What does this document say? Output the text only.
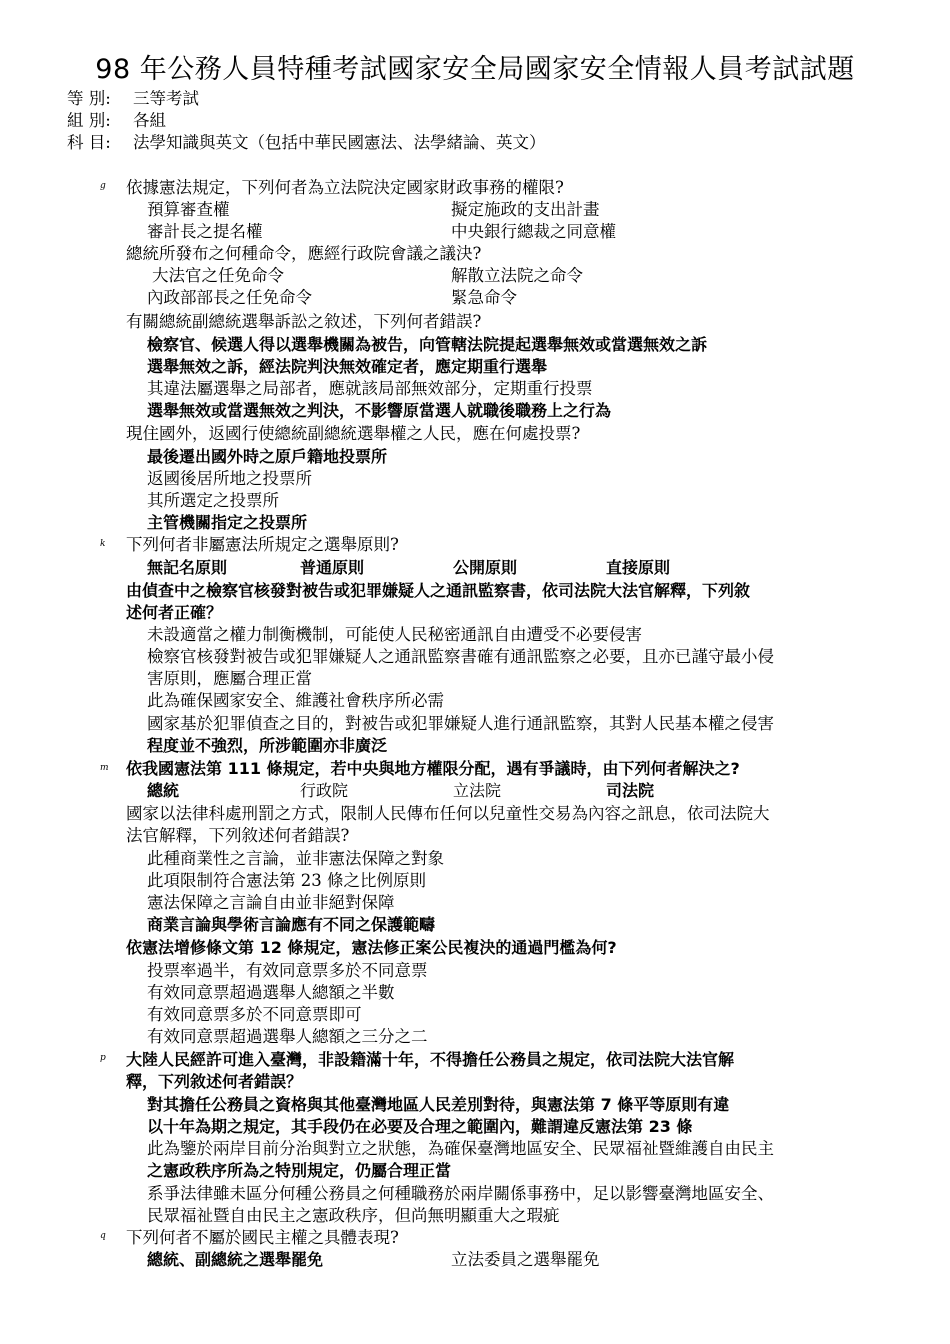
98 年公務人員特種考試國家安全局國家安全情報人員考試試題
等 別: 三等考試
組 別: 各組
科 目: 法學知識與英文（包括中華民國憲法、法學緒論、英文）
g
k
m
p
q
依據憲法規定，下列何者為立法院決定國家財政事務的權限?
預算審查權	擬定施政的支出計畫
審計長之提名權	中央銀行總裁之同意權
總統所發布之何種命令，應經行政院會議之議決?
大法官之任免命令	解散立法院之命令
內政部部長之任免命令	緊急命令
有關總統副總統選舉訴訟之敘述，下列何者錯誤?
檢察官、候選人得以選舉機關為被告，向管轄法院提起選舉無效或當選無效之訴
選舉無效之訴，經法院判決無效確定者，應定期重行選舉
其違法屬選舉之局部者，應就該局部無效部分，定期重行投票
選舉無效或當選無效之判決，不影響原當選人就職後職務上之行為
現住國外，返國行使總統副總統選舉權之人民，應在何處投票?
最後遷出國外時之原戶籍地投票所
返國後居所地之投票所
其所選定之投票所
主管機關指定之投票所
下列何者非屬憲法所規定之選舉原則?
無記名原則	普通原則	公開原則	直接原則
由偵查中之檢察官核發對被告或犯罪嫌疑人之通訊監察書，依司法院大法官解釋，下列敘
述何者正確？
未設適當之權力制衡機制，可能使人民秘密通訊自由遭受不必要侵害
檢察官核發對被告或犯罪嫌疑人之通訊監察書確有通訊監察之必要，且亦已謹守最小侵
害原則，應屬合理正當
此為確保國家安全、維護社會秩序所必需
國家基於犯罪偵查之目的，對被告或犯罪嫌疑人進行通訊監察，其對人民基本權之侵害
程度並不強烈，所涉範圍亦非廣泛
依我國憲法第 111 條規定，若中央與地方權限分配，遇有爭議時，由下列何者解決之?
總統	行政院	立法院	司法院
國家以法律科處刑罰之方式，限制人民傳布任何以兒童性交易為內容之訊息，依司法院大
法官解釋，下列敘述何者錯誤?
此種商業性之言論，並非憲法保障之對象
此項限制符合憲法第 23 條之比例原則
憲法保障之言論自由並非絕對保障
商業言論與學術言論應有不同之保護範疇
依憲法增修條文第 12 條規定，憲法修正案公民複決的通過門檻為何?
投票率過半，有效同意票多於不同意票
有效同意票超過選舉人總額之半數
有效同意票多於不同意票即可
有效同意票超過選舉人總額之三分之二
大陸人民經許可進入臺灣，非設籍滿十年，不得擔任公務員之規定，依司法院大法官解
釋，下列敘述何者錯誤？
對其擔任公務員之資格與其他臺灣地區人民差別對待，與憲法第 7 條平等原則有違
以十年為期之規定，其手段仍在必要及合理之範圍內，難謂違反憲法第 23 條
此為鑒於兩岸目前分治與對立之狀態，為確保臺灣地區安全、民眾福祉暨維護自由民主
之憲政秩序所為之特別規定，仍屬合理正當
系爭法律雖未區分何種公務員之何種職務於兩岸關係事務中，足以影響臺灣地區安全、
民眾福祉暨自由民主之憲政秩序，但尚無明顯重大之瑕疵
下列何者不屬於國民主權之具體表現?
總統、副總統之選舉罷免	立法委員之選舉罷免
